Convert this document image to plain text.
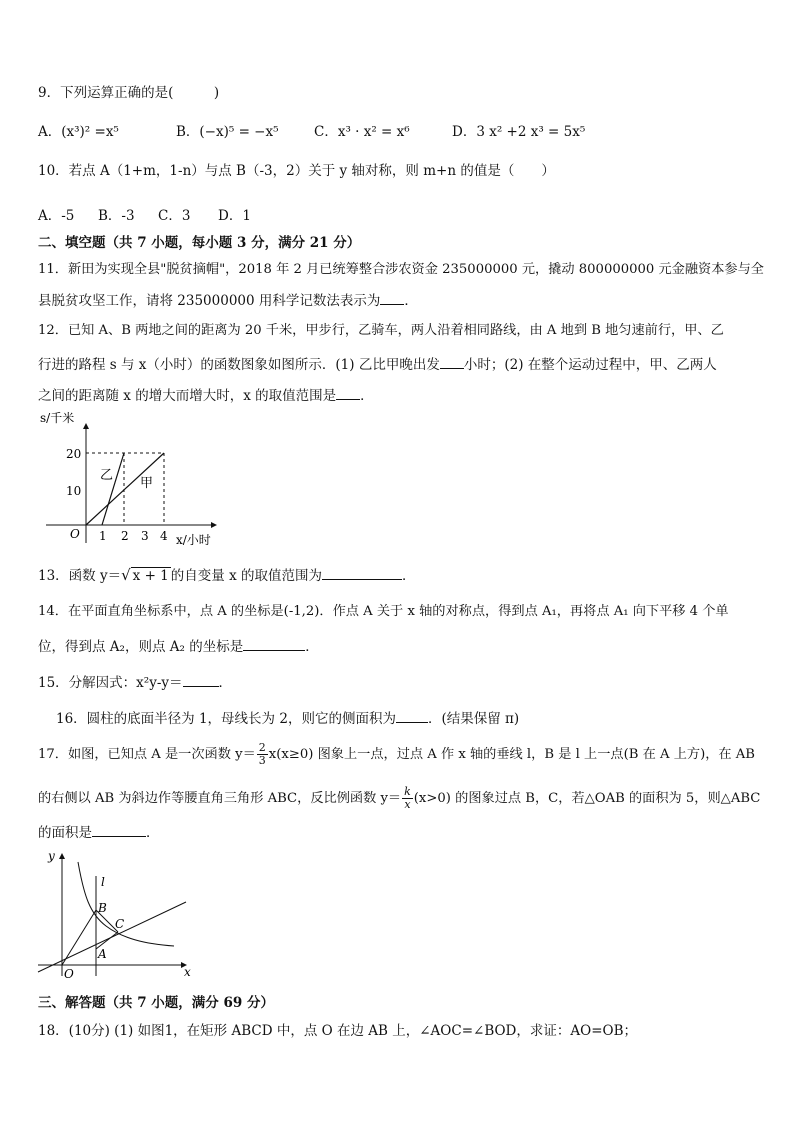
9．下列运算正确的是(　　　)
A．(x³)² =x⁵	B．(−x)⁵ = −x⁵	C．x³ · x² = x⁶	D．3 x² +2 x³ = 5x⁵
10．若点 A（1+m，1-n）与点 B（-3，2）关于 y 轴对称，则 m+n 的值是（　　）
A．-5 B．-3 C．3 D．1
二、填空题（共 7 小题，每小题 3 分，满分 21 分）
11．新田为实现全县"脱贫摘帽"，2018 年 2 月已统筹整合涉农资金 235000000 元，撬动 800000000 元金融资本参与全
县脱贫攻坚工作，请将 235000000 用科学记数法表示为 ．
12．已知 A、B 两地之间的距离为 20 千米，甲步行，乙骑车，两人沿着相同路线，由 A 地到 B 地匀速前行，甲、乙
行进的路程 s 与 x（小时）的函数图象如图所示．(1) 乙比甲晚出发 小时；(2) 在整个运动过程中，甲、乙两人
之间的距离随 x 的增大而增大时，x 的取值范围是 ．
s/千米
x/小时
O
20
10
1 2 3 4
乙
甲
13．函数 y＝√ x + 1 的自变量 x 的取值范围为	．
14．在平面直角坐标系中，点 A 的坐标是(-1,2)．作点 A 关于 x 轴的对称点，得到点 A₁，再将点 A₁ 向下平移 4 个单
位，得到点 A₂，则点 A₂ 的坐标是	．
15．分解因式：x²y-y＝	．
16．圆柱的底面半径为 1，母线长为 2，则它的侧面积为 ．(结果保留 π)
17．如图，已知点 A 是一次函数 $y= \frac{2}{3} x(x\ge 0)$ 图象上一点，过点 A 作 x 轴的垂线 l，B 是 l 上一点(B 在 A 上方)，在 AB
的右侧以 AB 为斜边作等腰直角三角形 ABC，反比例函数 $y= \frac{k}{x} (x>0)$ 的图象过点 B，C，若△OAB 的面积为 5，则△ABC
的面积是	．
y
x
O
l
B
C
A
三、解答题（共 7 小题，满分 69 分）
18．(10分) (1) 如图1，在矩形 ABCD 中，点 O 在边 AB 上，∠AOC=∠BOD，求证：AO=OB；
